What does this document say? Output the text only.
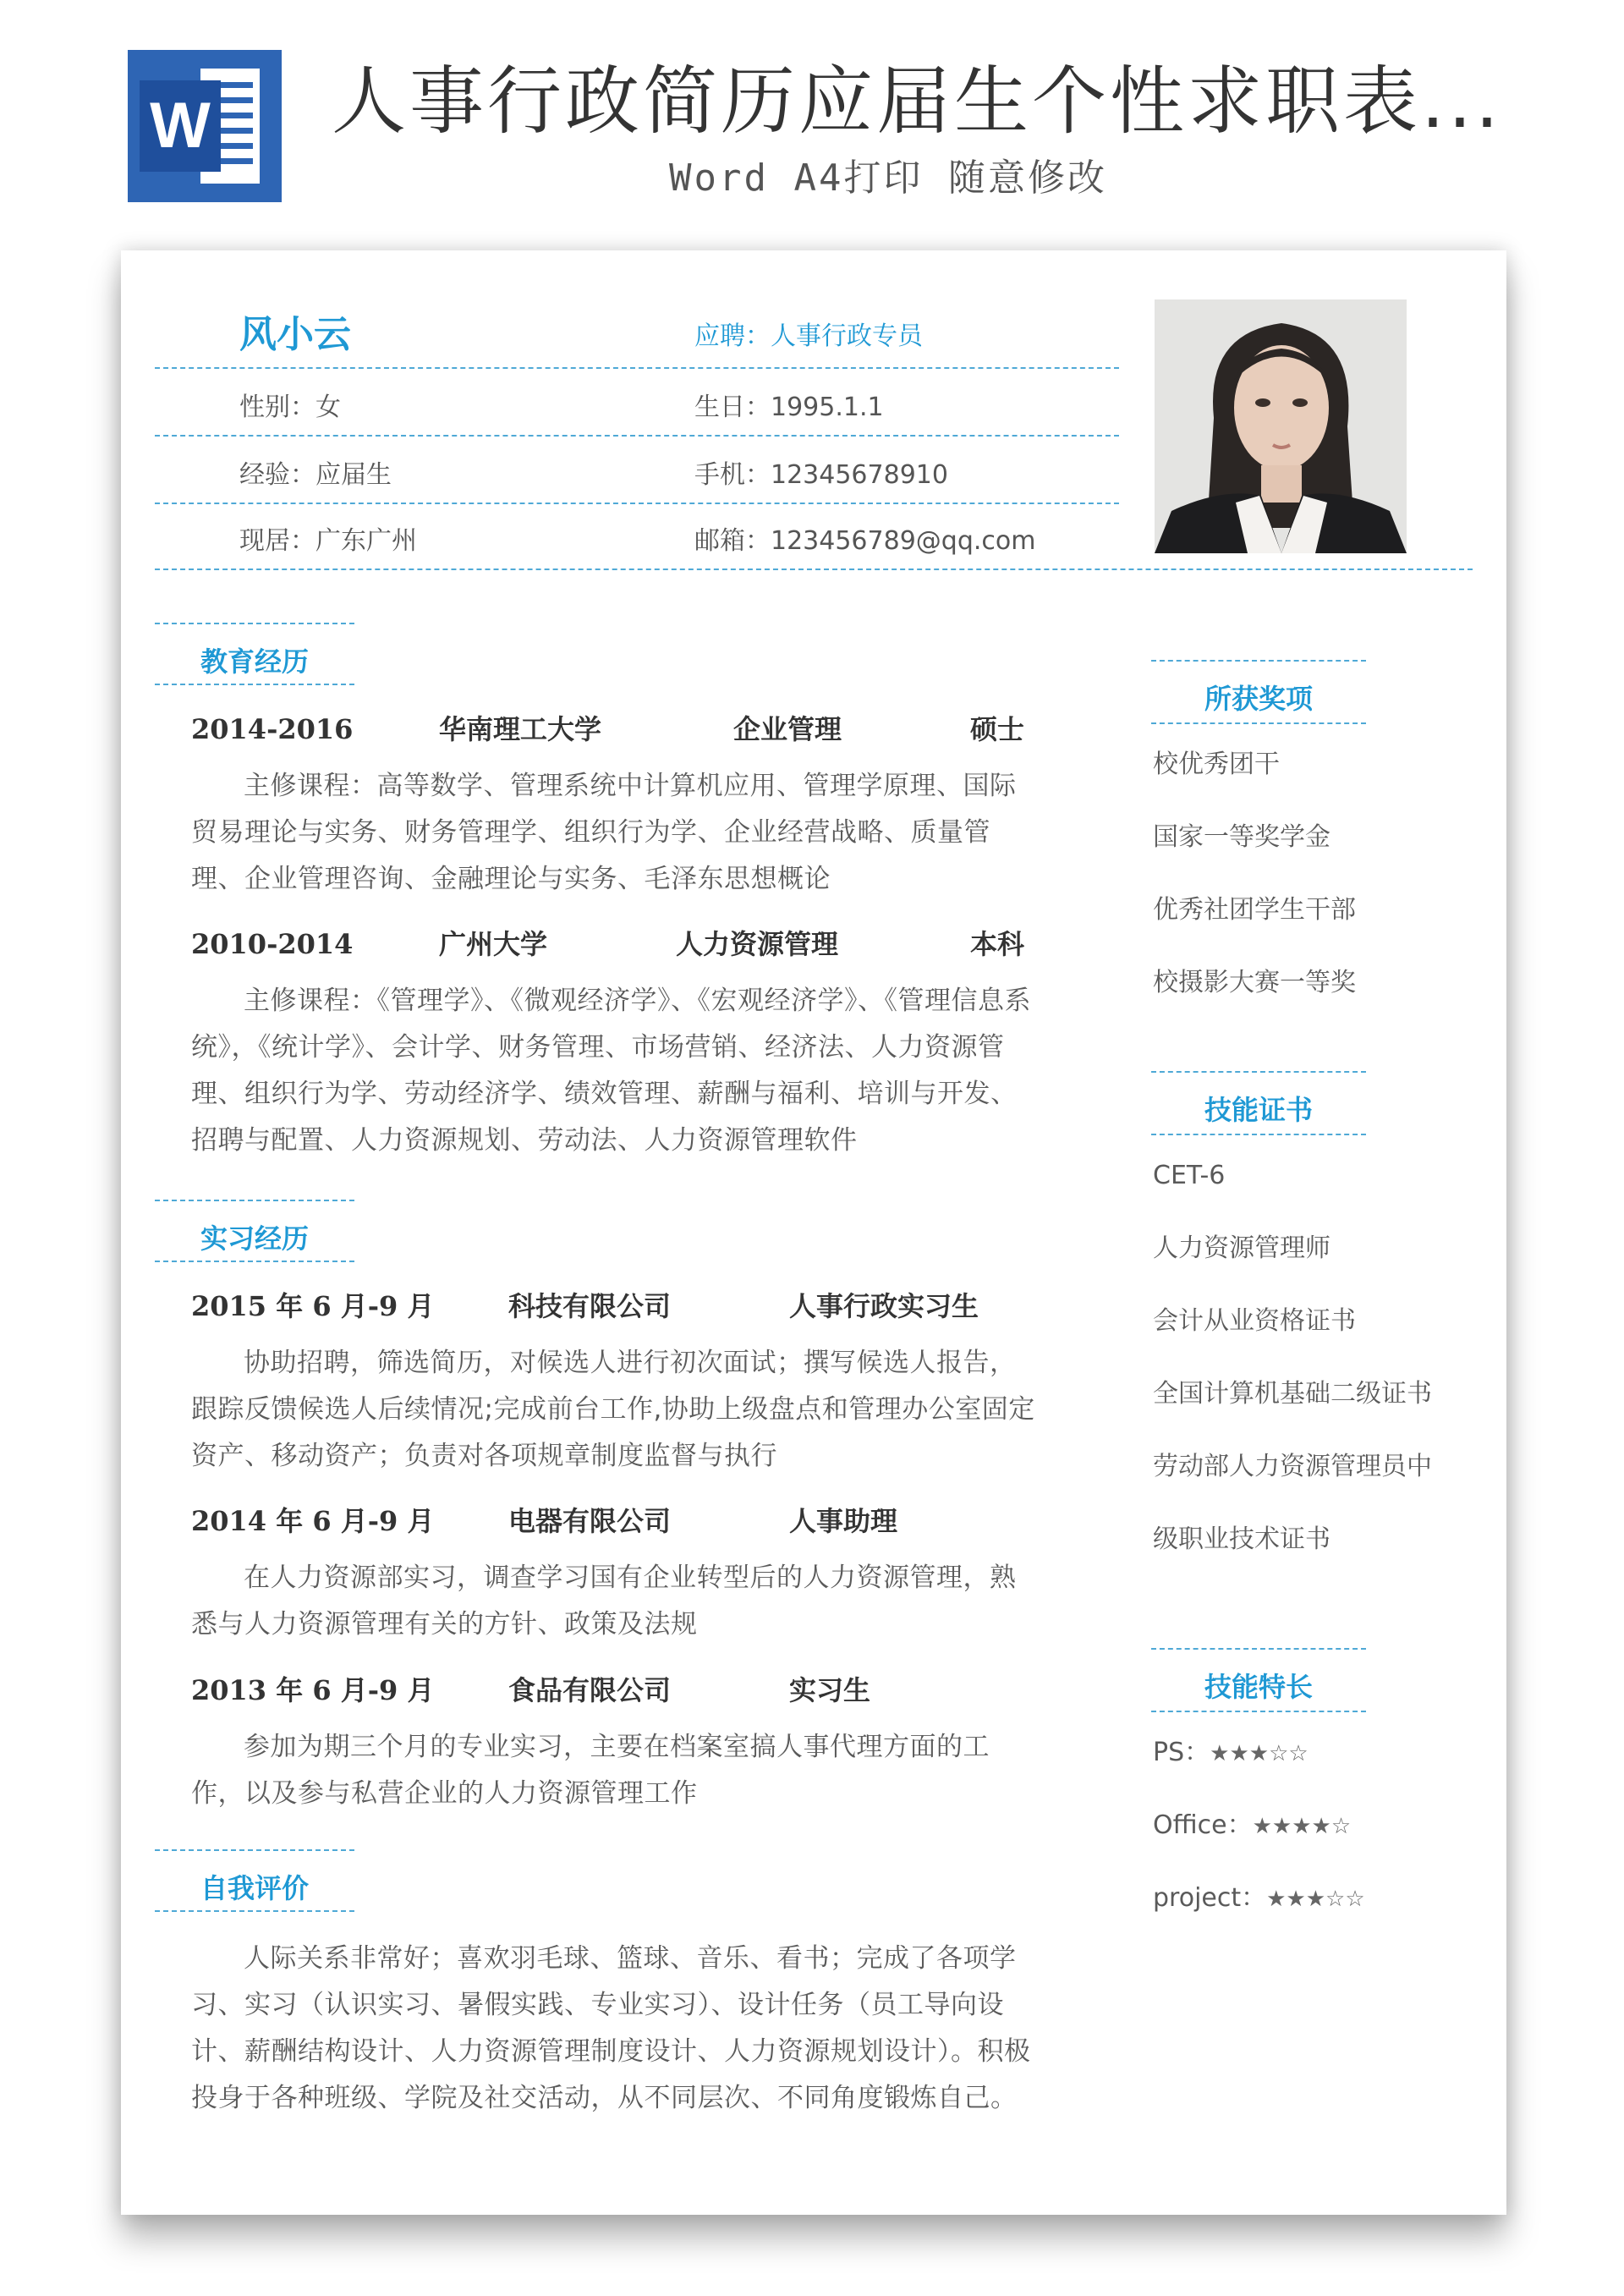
W 人事行政简历应届生个性求职表...
Word A4打印 随意修改
风小云	应聘：人事行政专员
性别：女	生日：1995.1.1
经验：应届生	手机：12345678910
现居：广东广州	邮箱：123456789@qq.com
教育经历
2014-2016	华南理工大学	企业管理	硕士
主修课程：高等数学、管理系统中计算机应用、管理学原理、国际贸易理论与实务、财务管理学、组织行为学、企业经营战略、质量管理、企业管理咨询、金融理论与实务、毛泽东思想概论
2010-2014	广州大学	人力资源管理	本科
主修课程：《管理学》、《微观经济学》、《宏观经济学》、《管理信息系统》，《统计学》、会计学、财务管理、市场营销、经济法、人力资源管理、组织行为学、劳动经济学、绩效管理、薪酬与福利、培训与开发、招聘与配置、人力资源规划、劳动法、人力资源管理软件
实习经历
2015 年 6 月-9 月	科技有限公司	人事行政实习生
协助招聘，筛选简历，对候选人进行初次面试；撰写候选人报告，跟踪反馈候选人后续情况;完成前台工作,协助上级盘点和管理办公室固定资产、移动资产；负责对各项规章制度监督与执行
2014 年 6 月-9 月	电器有限公司	人事助理
在人力资源部实习，调查学习国有企业转型后的人力资源管理，熟悉与人力资源管理有关的方针、政策及法规
2013 年 6 月-9 月	食品有限公司	实习生
参加为期三个月的专业实习，主要在档案室搞人事代理方面的工作，以及参与私营企业的人力资源管理工作
自我评价
人际关系非常好；喜欢羽毛球、篮球、音乐、看书；完成了各项学习、实习（认识实习、暑假实践、专业实习）、设计任务（员工导向设计、薪酬结构设计、人力资源管理制度设计、人力资源规划设计）。积极投身于各种班级、学院及社交活动，从不同层次、不同角度锻炼自己。
所获奖项
校优秀团干
国家一等奖学金
优秀社团学生干部
校摄影大赛一等奖
技能证书
CET-6
人力资源管理师
会计从业资格证书
全国计算机基础二级证书
劳动部人力资源管理员中
级职业技术证书
技能特长
PS：★★★☆☆
Office：★★★★☆
project：★★★☆☆
